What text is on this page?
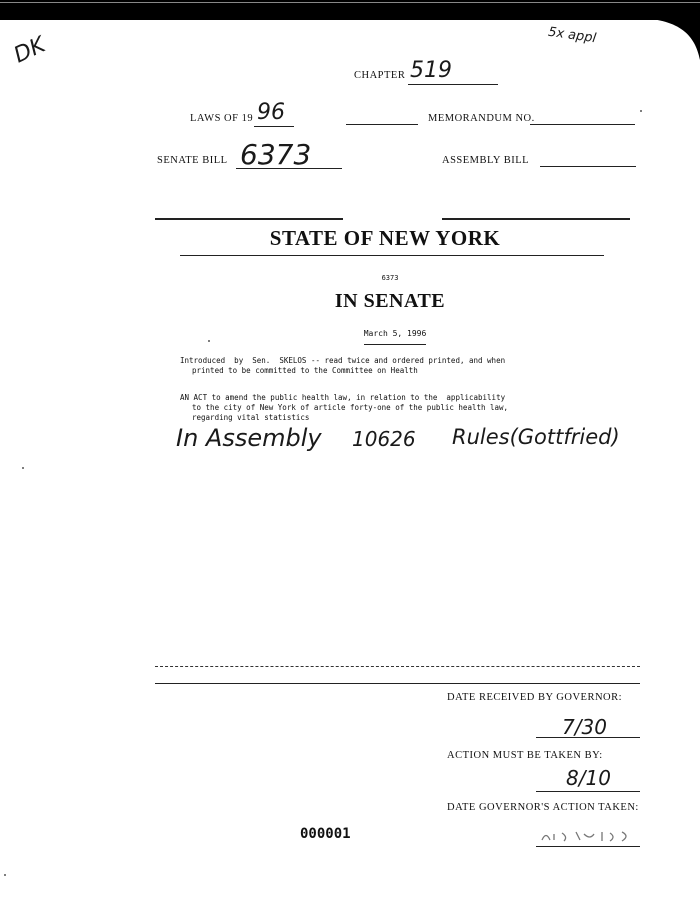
DK	5x appl
CHAPTER 519
LAWS OF 19 96	MEMORANDUM NO.
SENATE BILL 6373	ASSEMBLY BILL
STATE OF NEW YORK
6373
IN SENATE
March 5, 1996
Introduced  by  Sen.  SKELOS -- read twice and ordered printed, and when
printed to be committed to the Committee on Health
AN ACT to amend the public health law, in relation to the  applicability
to the city of New York of article forty-one of the public health law,
regarding vital statistics
In Assembly 10626 Rules(Gottfried)
DATE RECEIVED BY GOVERNOR:
7/30
ACTION MUST BE TAKEN BY:
8/10
DATE GOVERNOR'S ACTION TAKEN:
000001
